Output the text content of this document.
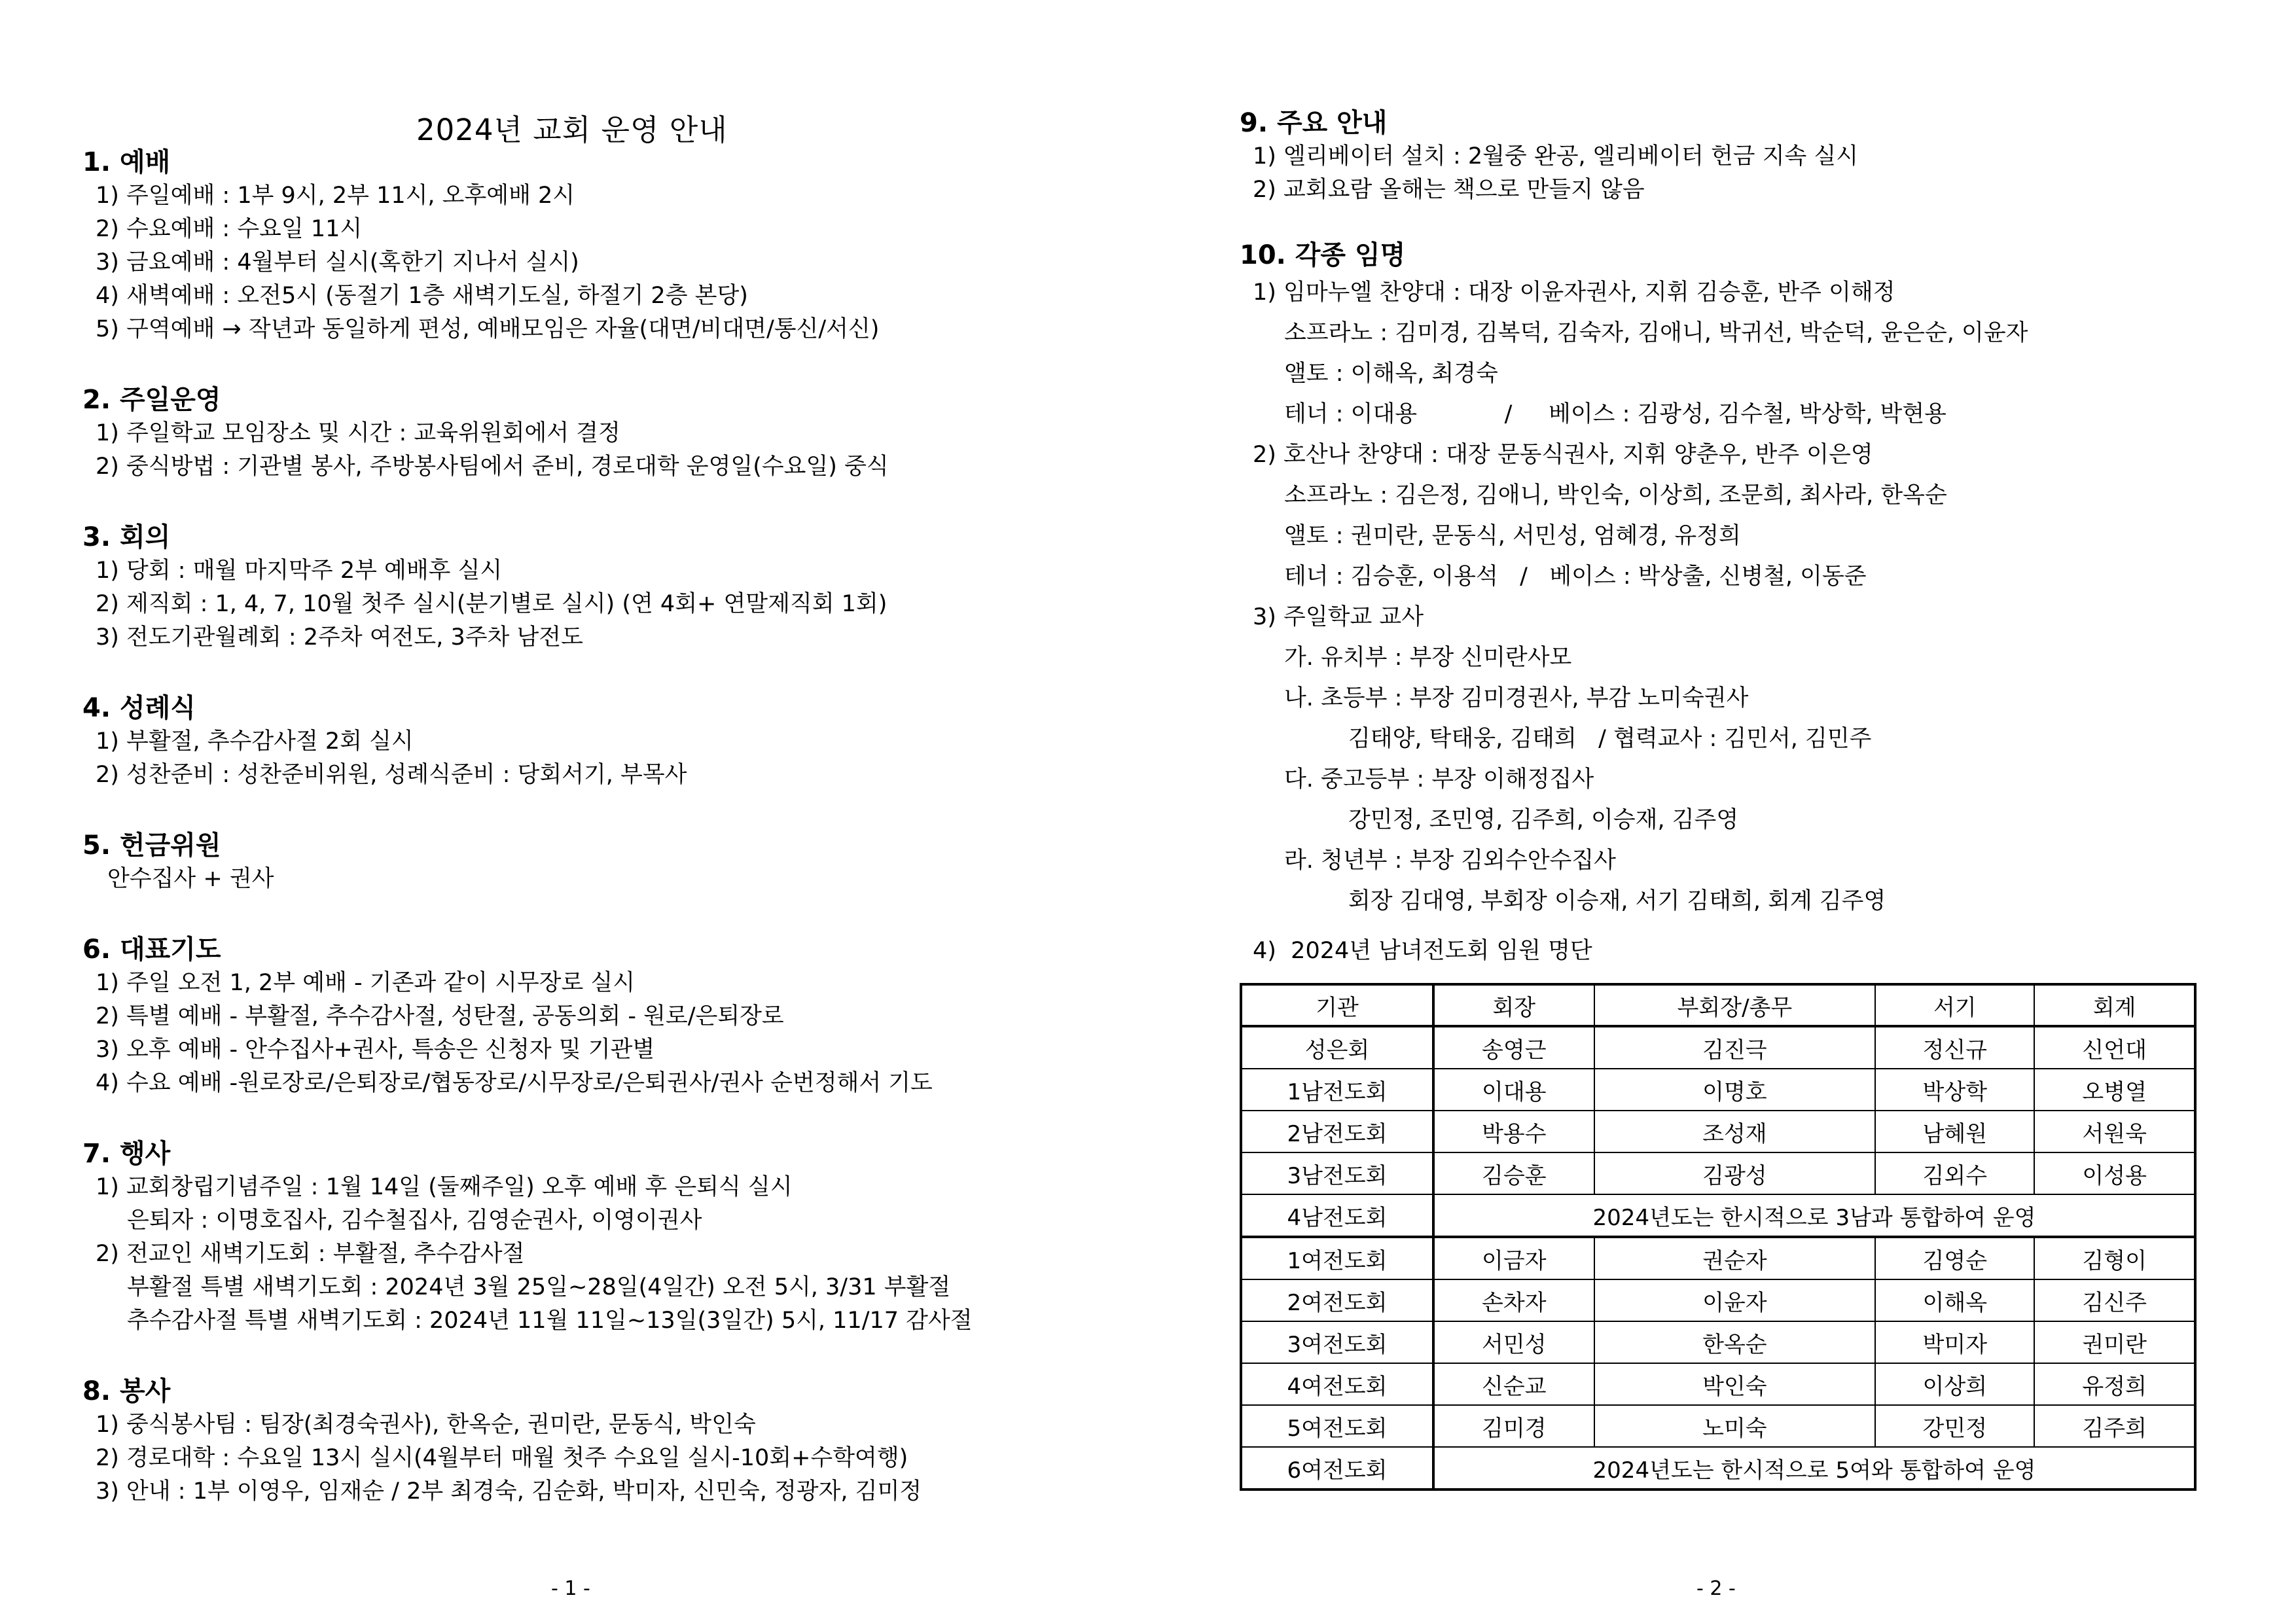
2024년 교회 운영 안내
1. 예배
1) 주일예배 : 1부 9시, 2부 11시, 오후예배 2시
2) 수요예배 : 수요일 11시
3) 금요예배 : 4월부터 실시(혹한기 지나서 실시)
4) 새벽예배 : 오전5시 (동절기 1층 새벽기도실, 하절기 2층 본당)
5) 구역예배 → 작년과 동일하게 편성, 예배모임은 자율(대면/비대면/통신/서신)
2. 주일운영
1) 주일학교 모임장소 및 시간 : 교육위원회에서 결정
2) 중식방법 : 기관별 봉사, 주방봉사팀에서 준비, 경로대학 운영일(수요일) 중식
3. 회의
1) 당회 : 매월 마지막주 2부 예배후 실시
2) 제직회 : 1, 4, 7, 10월 첫주 실시(분기별로 실시) (연 4회+ 연말제직회 1회)
3) 전도기관월례회 : 2주차 여전도, 3주차 남전도
4. 성례식
1) 부활절, 추수감사절 2회 실시
2) 성찬준비 : 성찬준비위원, 성례식준비 : 당회서기, 부목사
5. 헌금위원
안수집사 + 권사
6. 대표기도
1) 주일 오전 1, 2부 예배 - 기존과 같이 시무장로 실시
2) 특별 예배 - 부활절, 추수감사절, 성탄절, 공동의회 - 원로/은퇴장로
3) 오후 예배 - 안수집사+권사, 특송은 신청자 및 기관별
4) 수요 예배 -원로장로/은퇴장로/협동장로/시무장로/은퇴권사/권사 순번정해서 기도
7. 행사
1) 교회창립기념주일 : 1월 14일 (둘째주일) 오후 예배 후 은퇴식 실시
은퇴자 : 이명호집사, 김수철집사, 김영순권사, 이영이권사
2) 전교인 새벽기도회 : 부활절, 추수감사절
부활절 특별 새벽기도회 : 2024년 3월 25일~28일(4일간) 오전 5시, 3/31 부활절
추수감사절 특별 새벽기도회 : 2024년 11월 11일~13일(3일간) 5시, 11/17 감사절
8. 봉사
1) 중식봉사팀 : 팀장(최경숙권사), 한옥순, 권미란, 문동식, 박인숙
2) 경로대학 : 수요일 13시 실시(4월부터 매월 첫주 수요일 실시-10회+수학여행)
3) 안내 : 1부 이영우, 임재순 / 2부 최경숙, 김순화, 박미자, 신민숙, 정광자, 김미정
- 1 -
9. 주요 안내
1) 엘리베이터 설치 : 2월중 완공, 엘리베이터 헌금 지속 실시
2) 교회요람 올해는 책으로 만들지 않음
10. 각종 임명
1) 임마누엘 찬양대 : 대장 이윤자권사, 지휘 김승훈, 반주 이해정
소프라노 : 김미경, 김복덕, 김숙자, 김애니, 박귀선, 박순덕, 윤은순, 이윤자
앨토 : 이해옥, 최경숙
테너 : 이대용            /     베이스 : 김광성, 김수철, 박상학, 박현용
2) 호산나 찬양대 : 대장 문동식권사, 지휘 양춘우, 반주 이은영
소프라노 : 김은정, 김애니, 박인숙, 이상희, 조문희, 최사라, 한옥순
앨토 : 권미란, 문동식, 서민성, 엄혜경, 유정희
테너 : 김승훈, 이용석   /   베이스 : 박상출, 신병철, 이동준
3) 주일학교 교사
가. 유치부 : 부장 신미란사모
나. 초등부 : 부장 김미경권사, 부감 노미숙권사
김태양, 탁태웅, 김태희   / 협력교사 : 김민서, 김민주
다. 중고등부 : 부장 이해정집사
강민정, 조민영, 김주희, 이승재, 김주영
라. 청년부 : 부장 김외수안수집사
회장 김대영, 부회장 이승재, 서기 김태희, 회계 김주영
4)  2024년 남녀전도회 임원 명단
기관	회장	부회장/총무	서기	회계
성은회	송영근	김진극	정신규	신언대
1남전도회	이대용	이명호	박상학	오병열
2남전도회	박용수	조성재	남혜원	서원욱
3남전도회	김승훈	김광성	김외수	이성용
4남전도회	2024년도는 한시적으로 3남과 통합하여 운영			
1여전도회	이금자	권순자	김영순	김형이
2여전도회	손차자	이윤자	이해옥	김신주
3여전도회	서민성	한옥순	박미자	권미란
4여전도회	신순교	박인숙	이상희	유정희
5여전도회	김미경	노미숙	강민정	김주희
6여전도회	2024년도는 한시적으로 5여와 통합하여 운영			
- 2 -
